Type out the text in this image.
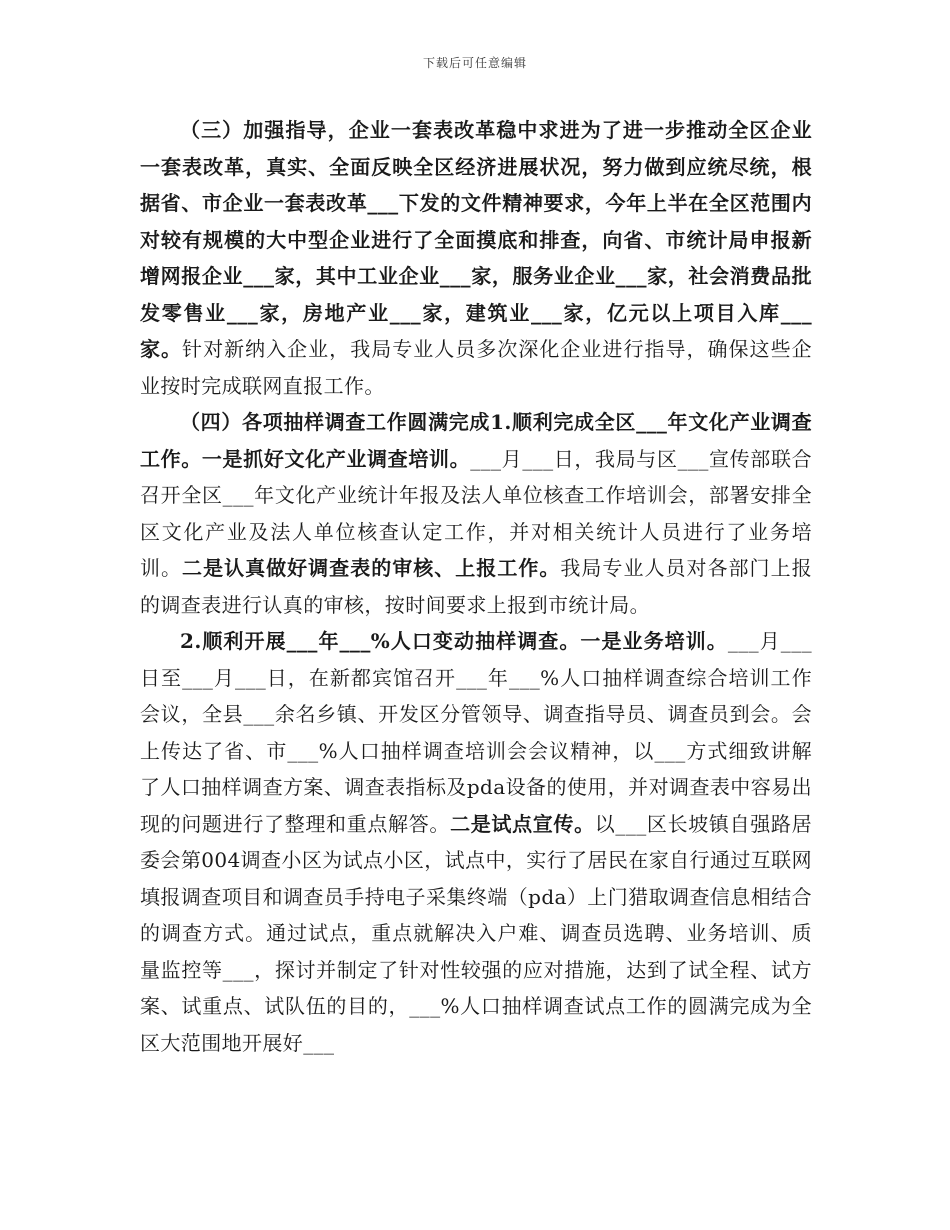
下载后可任意编辑

（三）加强指导，企业一套表改革稳中求进为了进一步推动全区企业一套表改革，真实、全面反映全区经济进展状况，努力做到应统尽统，根据省、市企业一套表改革___下发的文件精神要求，今年上半在全区范围内对较有规模的大中型企业进行了全面摸底和排查，向省、市统计局申报新增网报企业___家，其中工业企业___家，服务业企业___家，社会消费品批发零售业___家，房地产业___家，建筑业___家，亿元以上项目入库___家。针对新纳入企业，我局专业人员多次深化企业进行指导，确保这些企业按时完成联网直报工作。

（四）各项抽样调查工作圆满完成1.顺利完成全区___年文化产业调查工作。一是抓好文化产业调查培训。___月___日，我局与区___宣传部联合召开全区___年文化产业统计年报及法人单位核查工作培训会，部署安排全区文化产业及法人单位核查认定工作，并对相关统计人员进行了业务培训。二是认真做好调查表的审核、上报工作。我局专业人员对各部门上报的调查表进行认真的审核，按时间要求上报到市统计局。

2.顺利开展___年___%人口变动抽样调查。一是业务培训。___月___日至___月___日，在新都宾馆召开___年___%人口抽样调查综合培训工作会议，全县___余名乡镇、开发区分管领导、调查指导员、调查员到会。会上传达了省、市___%人口抽样调查培训会会议精神，以___方式细致讲解了人口抽样调查方案、调查表指标及pda设备的使用，并对调查表中容易出现的问题进行了整理和重点解答。二是试点宣传。以___区长坡镇自强路居委会第004调查小区为试点小区，试点中，实行了居民在家自行通过互联网填报调查项目和调查员手持电子采集终端（pda）上门猎取调查信息相结合的调查方式。通过试点，重点就解决入户难、调查员选聘、业务培训、质量监控等___，探讨并制定了针对性较强的应对措施，达到了试全程、试方案、试重点、试队伍的目的，___%人口抽样调查试点工作的圆满完成为全区大范围地开展好___
